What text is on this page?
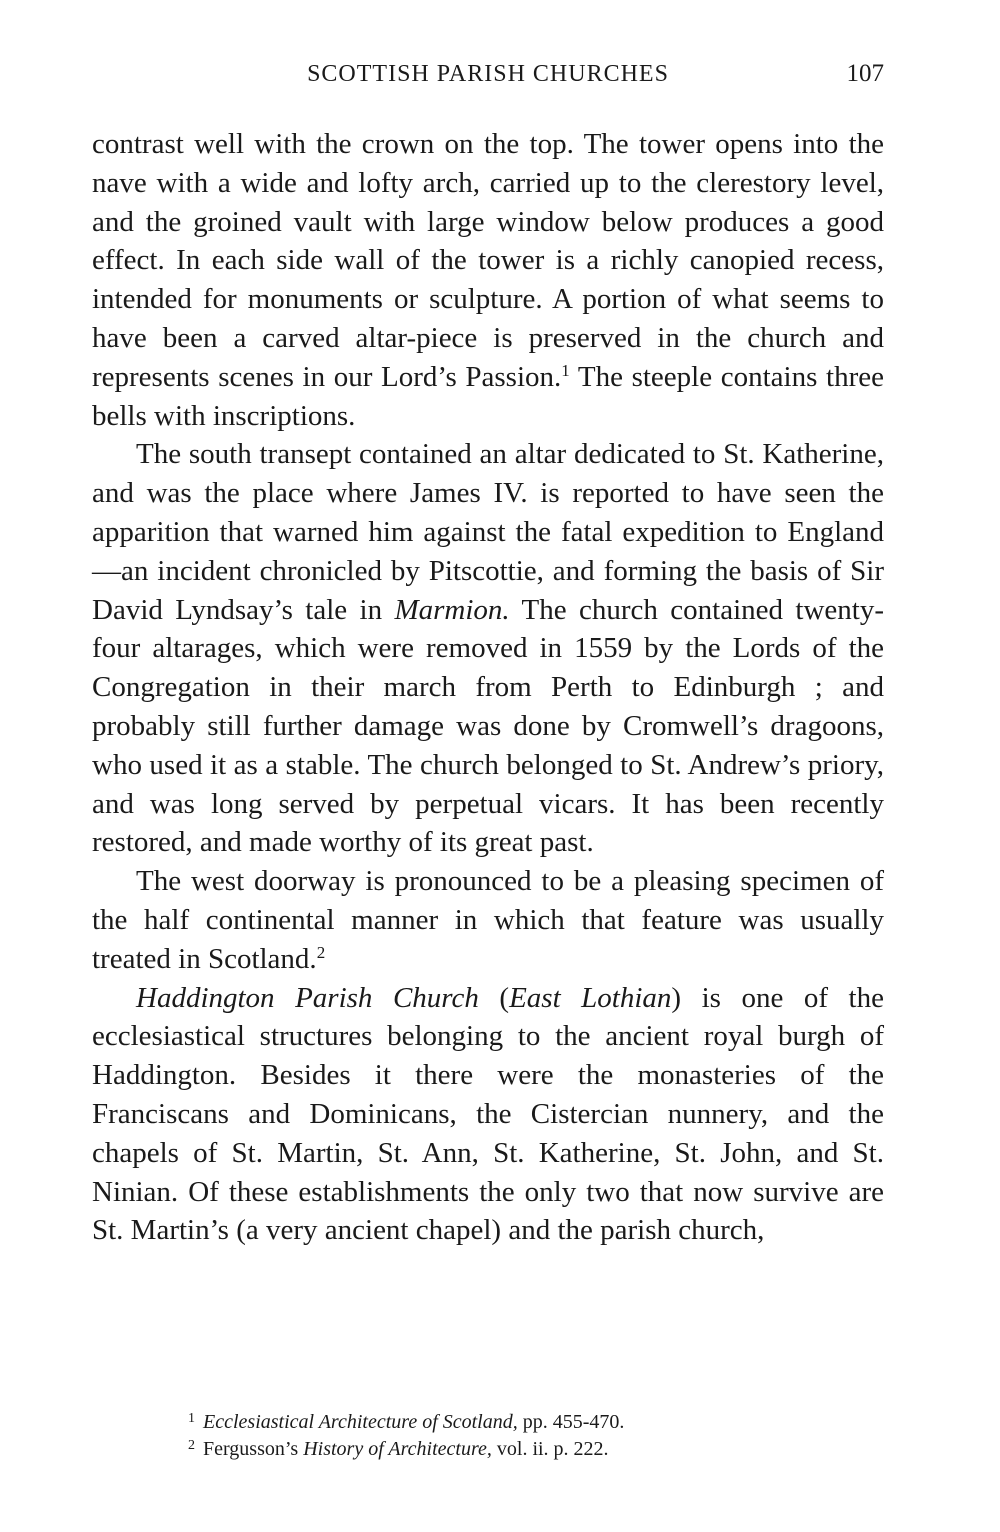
SCOTTISH PARISH CHURCHES	107

contrast well with the crown on the top. The tower opens into the nave with a wide and lofty arch, carried up to the clerestory level, and the groined vault with large window below produces a good effect. In each side wall of the tower is a richly canopied recess, intended for monuments or sculpture. A portion of what seems to have been a carved altar-piece is preserved in the church and represents scenes in our Lord’s Passion.$^1$ The steeple contains three bells with inscriptions.

The south transept contained an altar dedicated to St. Katherine, and was the place where James IV. is reported to have seen the apparition that warned him against the fatal expedition to England—an incident chronicled by Pitscottie, and forming the basis of Sir David Lyndsay’s tale in Marmion. The church contained twenty-four altarages, which were removed in 1559 by the Lords of the Congregation in their march from Perth to Edinburgh ; and probably still further damage was done by Cromwell’s dragoons, who used it as a stable. The church belonged to St. Andrew’s priory, and was long served by perpetual vicars. It has been recently restored, and made worthy of its great past.

The west doorway is pronounced to be a pleasing specimen of the half continental manner in which that feature was usually treated in Scotland.$^2$

Haddington Parish Church (East Lothian) is one of the ecclesiastical structures belonging to the ancient royal burgh of Haddington. Besides it there were the monasteries of the Franciscans and Dominicans, the Cistercian nunnery, and the chapels of St. Martin, St. Ann, St. Katherine, St. John, and St. Ninian. Of these establishments the only two that now survive are St. Martin’s (a very ancient chapel) and the parish church,

$^1$ Ecclesiastical Architecture of Scotland, pp. 455-470.
$^2$ Fergusson’s History of Architecture, vol. ii. p. 222.
